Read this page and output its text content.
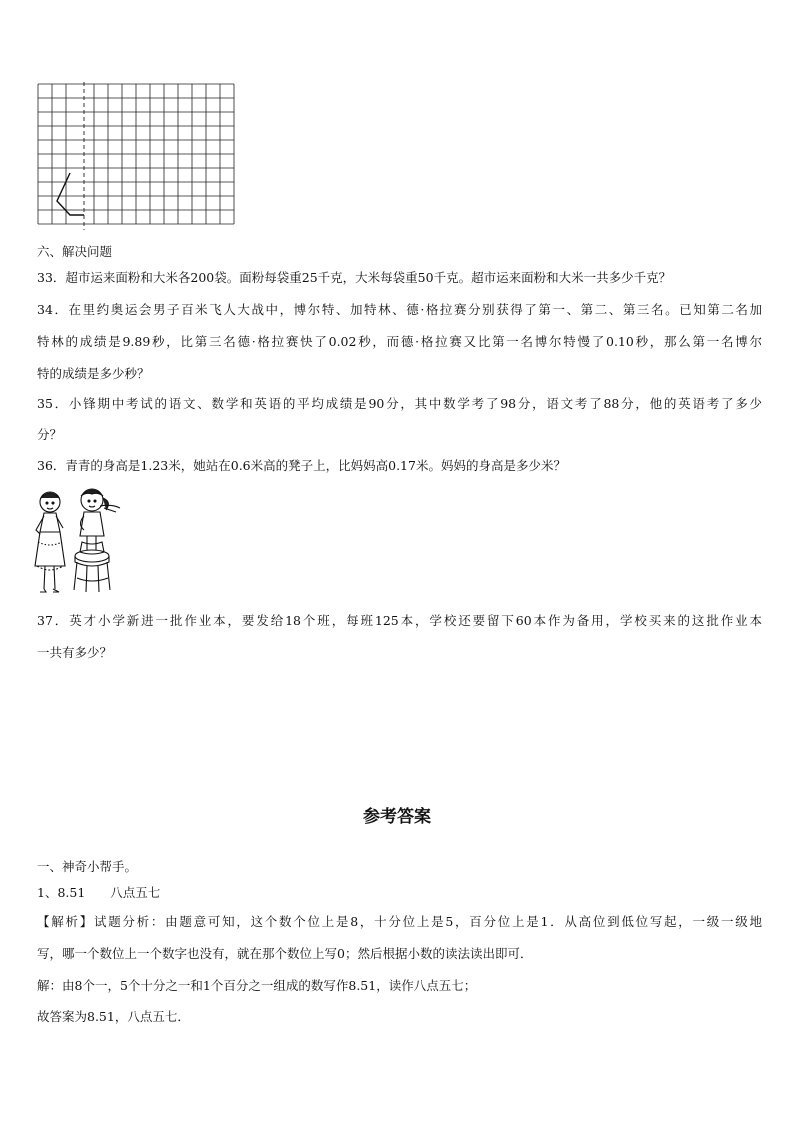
六、解决问题
33．超市运来面粉和大米各200袋。面粉每袋重25千克，大米每袋重50千克。超市运来面粉和大米一共多少千克？
34．在里约奥运会男子百米飞人大战中，博尔特、加特林、德·格拉赛分别获得了第一、第二、第三名。已知第二名加
特林的成绩是9.89秒，比第三名德·格拉赛快了0.02秒，而德·格拉赛又比第一名博尔特慢了0.10秒，那么第一名博尔
特的成绩是多少秒？
35．小锋期中考试的语文、数学和英语的平均成绩是90分，其中数学考了98分，语文考了88分，他的英语考了多少
分？
36．青青的身高是1.23米，她站在0.6米高的凳子上，比妈妈高0.17米。妈妈的身高是多少米？
37．英才小学新进一批作业本，要发给18个班，每班125本，学校还要留下60本作为备用，学校买来的这批作业本
一共有多少？
参考答案
一、神奇小帮手。
1、8.51　　八点五七
【解析】试题分析：由题意可知，这个数个位上是8，十分位上是5，百分位上是1．从高位到低位写起，一级一级地
写，哪一个数位上一个数字也没有，就在那个数位上写0；然后根据小数的读法读出即可．
解：由8个一，5个十分之一和1个百分之一组成的数写作8.51，读作八点五七；
故答案为8.51，八点五七．
